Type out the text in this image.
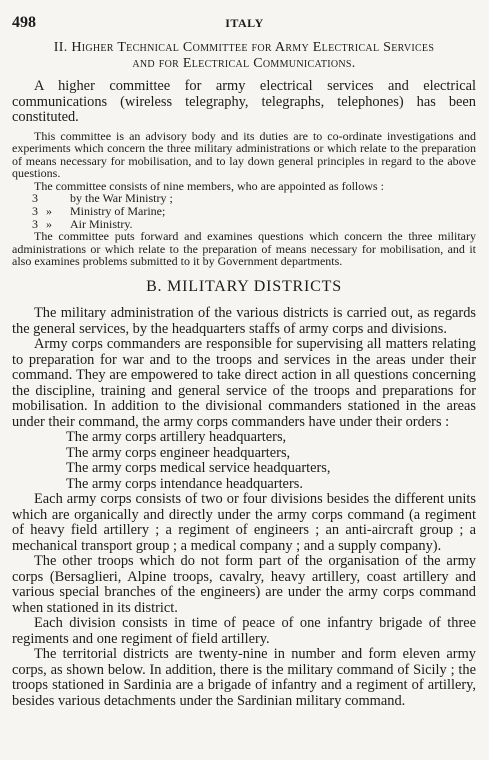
498	ITALY
II. Higher Technical Committee for Army Electrical Services
and for Electrical Communications.

A higher committee for army electrical services and electrical communications (wireless telegraphy, telegraphs, telephones) has been constituted.

This committee is an advisory body and its duties are to co-ordinate investigations and experiments which concern the three military administrations or which relate to the preparation of means necessary for mobilisation, and to lay down general principles in regard to the above questions.

The committee consists of nine members, who are appointed as follows :

3	by the War Ministry ;
3 »	Ministry of Marine;
3 »	Air Ministry.

The committee puts forward and examines questions which concern the three military administrations or which relate to the preparation of means necessary for mobilisation, and it also examines problems submitted to it by Government departments.

B. MILITARY DISTRICTS

The military administration of the various districts is carried out, as regards the general services, by the headquarters staffs of army corps and divisions.

Army corps commanders are responsible for supervising all matters relating to preparation for war and to the troops and services in the areas under their command. They are empowered to take direct action in all questions concerning the discipline, training and general service of the troops and preparations for mobilisation. In addition to the divisional commanders stationed in the areas under their command, the army corps commanders have under their orders :

The army corps artillery headquarters,
The army corps engineer headquarters,
The army corps medical service headquarters,
The army corps intendance headquarters.

Each army corps consists of two or four divisions besides the different units which are organically and directly under the army corps command (a regiment of heavy field artillery ; a regiment of engineers ; an anti-aircraft group ; a mechanical transport group ; a medical company ; and a supply company).

The other troops which do not form part of the organisation of the army corps (Bersaglieri, Alpine troops, cavalry, heavy artillery, coast artillery and various special branches of the engineers) are under the army corps command when stationed in its district.

Each division consists in time of peace of one infantry brigade of three regiments and one regiment of field artillery.

The territorial districts are twenty-nine in number and form eleven army corps, as shown below. In addition, there is the military command of Sicily ; the troops stationed in Sardinia are a brigade of infantry and a regiment of artillery, besides various detachments under the Sardinian military command.
